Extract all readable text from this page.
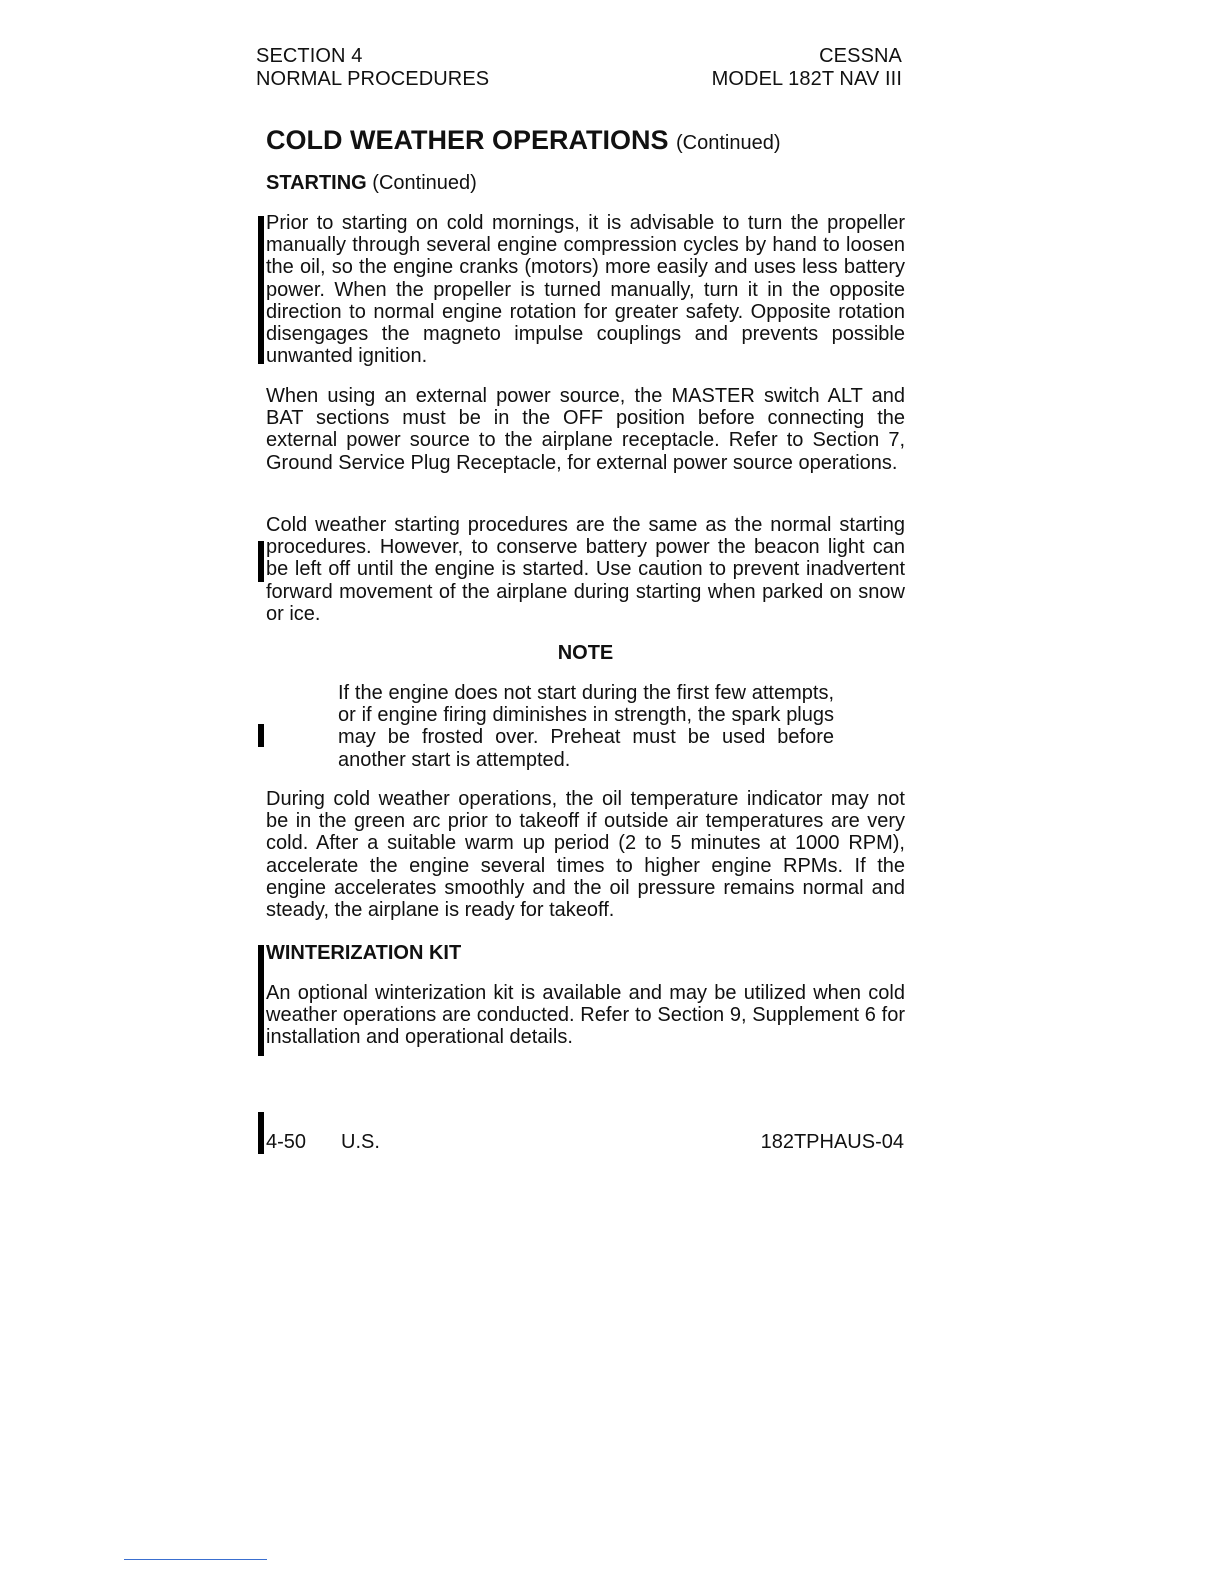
SECTION 4
NORMAL PROCEDURES
CESSNA
MODEL 182T NAV III
COLD WEATHER OPERATIONS (Continued)
STARTING (Continued)

Prior to starting on cold mornings, it is advisable to turn the propeller manually through several engine compression cycles by hand to loosen the oil, so the engine cranks (motors) more easily and uses less battery power. When the propeller is turned manually, turn it in the opposite direction to normal engine rotation for greater safety. Opposite rotation disengages the magneto impulse couplings and prevents possible unwanted ignition.

When using an external power source, the MASTER switch ALT and BAT sections must be in the OFF position before connecting the external power source to the airplane receptacle. Refer to Section 7, Ground Service Plug Receptacle, for external power source operations.

Cold weather starting procedures are the same as the normal starting procedures. However, to conserve battery power the beacon light can be left off until the engine is started. Use caution to prevent inadvertent forward movement of the airplane during starting when parked on snow or ice.

NOTE

If the engine does not start during the first few attempts, or if engine firing diminishes in strength, the spark plugs may be frosted over. Preheat must be used before another start is attempted.

During cold weather operations, the oil temperature indicator may not be in the green arc prior to takeoff if outside air temperatures are very cold. After a suitable warm up period (2 to 5 minutes at 1000 RPM), accelerate the engine several times to higher engine RPMs. If the engine accelerates smoothly and the oil pressure remains normal and steady, the airplane is ready for takeoff.

WINTERIZATION KIT

An optional winterization kit is available and may be utilized when cold weather operations are conducted. Refer to Section 9, Supplement 6 for installation and operational details.

4-50 U.S.	182TPHAUS-04
